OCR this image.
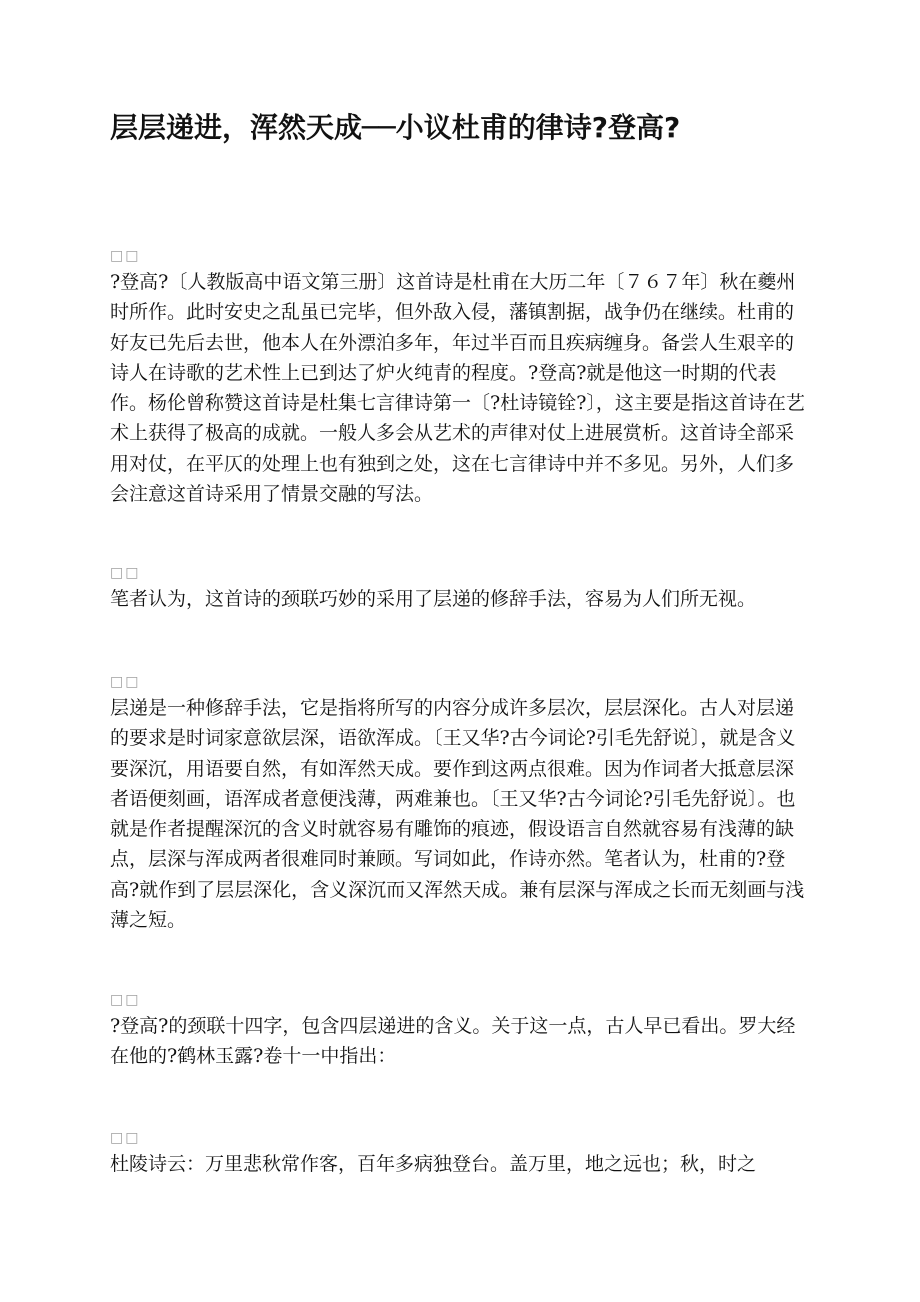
层层递进，浑然天成──小议杜甫的律诗?登高?
□□

?登高?〔人教版高中语文第三册〕这首诗是杜甫在大历二年〔７６７年〕秋在夔州时所作。此时安史之乱虽已完毕，但外敌入侵，藩镇割据，战争仍在继续。杜甫的好友已先后去世，他本人在外漂泊多年，年过半百而且疾病缠身。备尝人生艰辛的诗人在诗歌的艺术性上已到达了炉火纯青的程度。?登高?就是他这一时期的代表作。杨伦曾称赞这首诗是杜集七言律诗第一〔?杜诗镜铨?〕，这主要是指这首诗在艺术上获得了极高的成就。一般人多会从艺术的声律对仗上进展赏析。这首诗全部采用对仗，在平仄的处理上也有独到之处，这在七言律诗中并不多见。另外，人们多会注意这首诗采用了情景交融的写法。

□□

笔者认为，这首诗的颈联巧妙的采用了层递的修辞手法，容易为人们所无视。

□□

层递是一种修辞手法，它是指将所写的内容分成许多层次，层层深化。古人对层递的要求是时词家意欲层深，语欲浑成。〔王又华?古今词论?引毛先舒说〕，就是含义要深沉，用语要自然，有如浑然天成。要作到这两点很难。因为作词者大抵意层深者语便刻画，语浑成者意便浅薄，两难兼也。〔王又华?古今词论?引毛先舒说〕。也就是作者提醒深沉的含义时就容易有雕饰的痕迹，假设语言自然就容易有浅薄的缺点，层深与浑成两者很难同时兼顾。写词如此，作诗亦然。笔者认为，杜甫的?登高?就作到了层层深化，含义深沉而又浑然天成。兼有层深与浑成之长而无刻画与浅薄之短。

□□

?登高?的颈联十四字，包含四层递进的含义。关于这一点，古人早已看出。罗大经在他的?鹤林玉露?卷十一中指出：

□□

杜陵诗云：万里悲秋常作客，百年多病独登台。盖万里，地之远也；秋，时之
